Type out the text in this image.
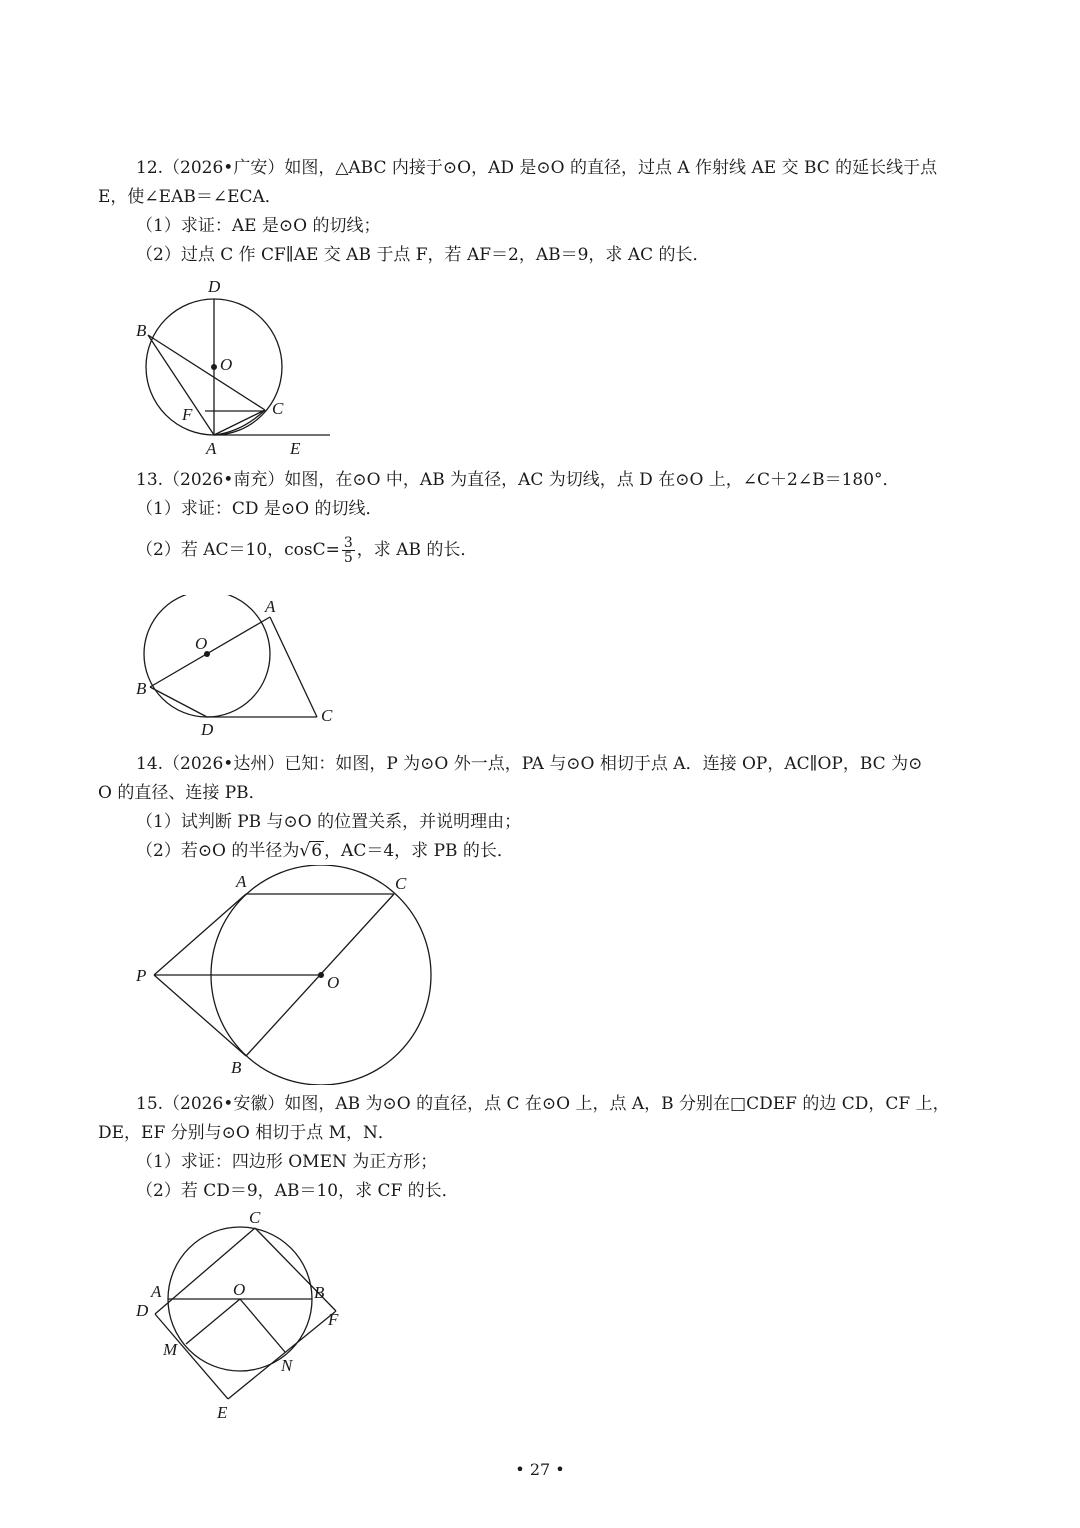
12.（2026•广安）如图，△ABC 内接于⊙O，AD 是⊙O 的直径，过点 A 作射线 AE 交 BC 的延长线于点
E，使∠EAB＝∠ECA．
（1）求证：AE 是⊙O 的切线；
（2）过点 C 作 CF∥AE 交 AB 于点 F，若 AF＝2，AB＝9，求 AC 的长．
D
B
O
C
F
A	E
13.（2026•南充）如图，在⊙O 中，AB 为直径，AC 为切线，点 D 在⊙O 上，∠C＋2∠B＝180°．
（1）求证：CD 是⊙O 的切线．
（2）若 AC＝10，$\cos C= \frac{3}{5}$ ，求 AB 的长．
A
O
B
D
C
14.（2026•达州）已知：如图，P 为⊙O 外一点，PA 与⊙O 相切于点 A．连接 OP，AC∥OP，BC 为⊙
O 的直径、连接 PB．
（1）试判断 PB 与⊙O 的位置关系，并说明理由；
（2）若⊙O 的半径为√6 ，AC＝4，求 PB 的长．
A	C
P	O
B
15.（2026•安徽）如图，AB 为⊙O 的直径，点 C 在⊙O 上，点 A，B 分别在□CDEF 的边 CD，CF 上，
DE，EF 分别与⊙O 相切于点 M，N．
（1）求证：四边形 OMEN 为正方形；
（2）若 CD＝9，AB＝10，求 CF 的长．
C
A	O	B
D	F
M
N
E
• 27 •
